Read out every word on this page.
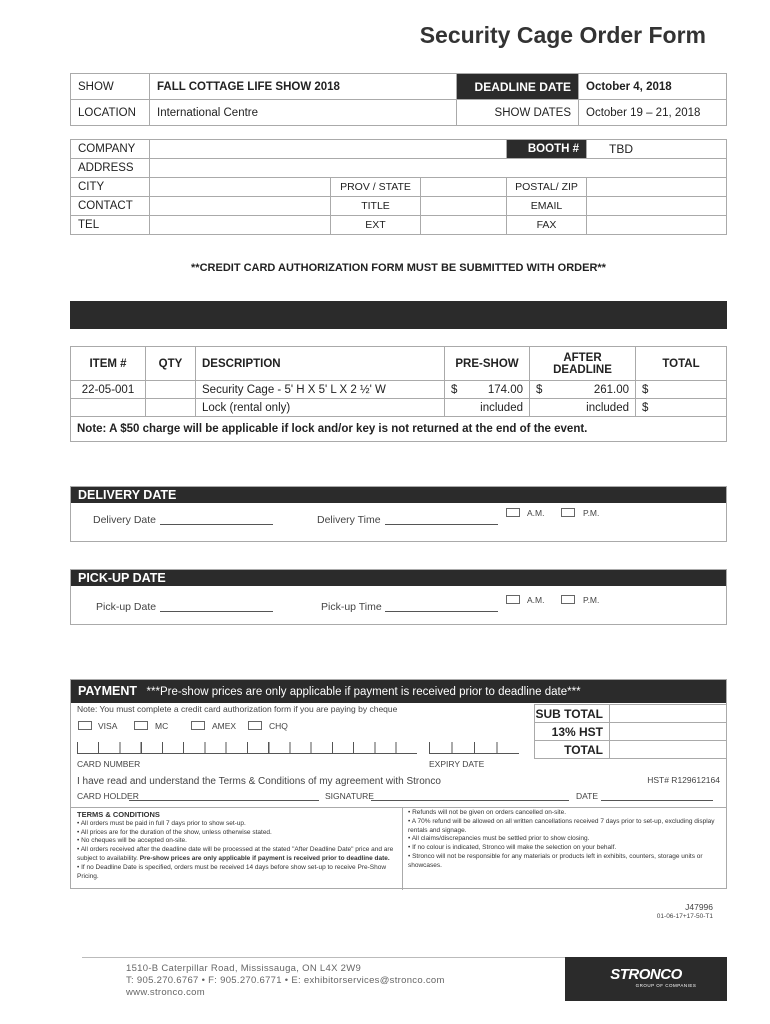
Security Cage Order Form
SHOW	FALL COTTAGE LIFE SHOW 2018	DEADLINE DATE	October 4, 2018
LOCATION	International Centre	SHOW DATES	October 19 – 21, 2018
COMPANY				BOOTH #	TBD
ADDRESS					
CITY		PROV / STATE		POSTAL/ ZIP	
CONTACT		TITLE		EMAIL	
TEL		EXT		FAX	
**CREDIT CARD AUTHORIZATION FORM MUST BE SUBMITTED WITH ORDER**
ITEM #	QTY	DESCRIPTION	PRE-SHOW	AFTER DEADLINE	TOTAL
22-05-001		Security Cage - 5' H X 5' L X 2 ½' W	$ 174.00	$ 261.00	$
		Lock (rental only)	included	included	$
Note: A $50 charge will be applicable if lock and/or key is not returned at the end of the event.					
DELIVERY DATE
Delivery Date	Delivery Time
A.M.	P.M.
PICK-UP DATE
Pick-up Date	Pick-up Time
A.M.	P.M.
PAYMENT ***Pre-show prices are only applicable if payment is received prior to deadline date***
Note: You must complete a credit card authorization form if you are paying by cheque
VISA	MC	AMEX	CHQ
CARD NUMBER	EXPIRY DATE
SUB TOTAL	
13% HST	
TOTAL	
I have read and understand the Terms & Conditions of my agreement with Stronco	HST# R129612164
CARD HOLDER	SIGNATURE	DATE
TERMS & CONDITIONS
• All orders must be paid in full 7 days prior to show set-up.
• All prices are for the duration of the show, unless otherwise stated.
• No cheques will be accepted on-site.
• All orders received after the deadline date will be processed at the stated "After Deadline Date" price and are subject to availability. Pre-show prices are only applicable if payment is received prior to deadline date.
• If no Deadline Date is specified, orders must be received 14 days before show set-up to receive Pre-Show Pricing.
• Refunds will not be given on orders cancelled on-site.
• A 70% refund will be allowed on all written cancellations received 7 days prior to set-up, excluding display rentals and signage.
• All claims/discrepancies must be settled prior to show closing.
• If no colour is indicated, Stronco will make the selection on your behalf.
• Stronco will not be responsible for any materials or products left in exhibits, counters, storage units or showcases.
J47996
01-06-17+17-50-T1
1510-B Caterpillar Road, Mississauga, ON L4X 2W9
T: 905.270.6767 • F: 905.270.6771 • E: exhibitorservices@stronco.com
www.stronco.com
STRONCO
GROUP OF COMPANIES
